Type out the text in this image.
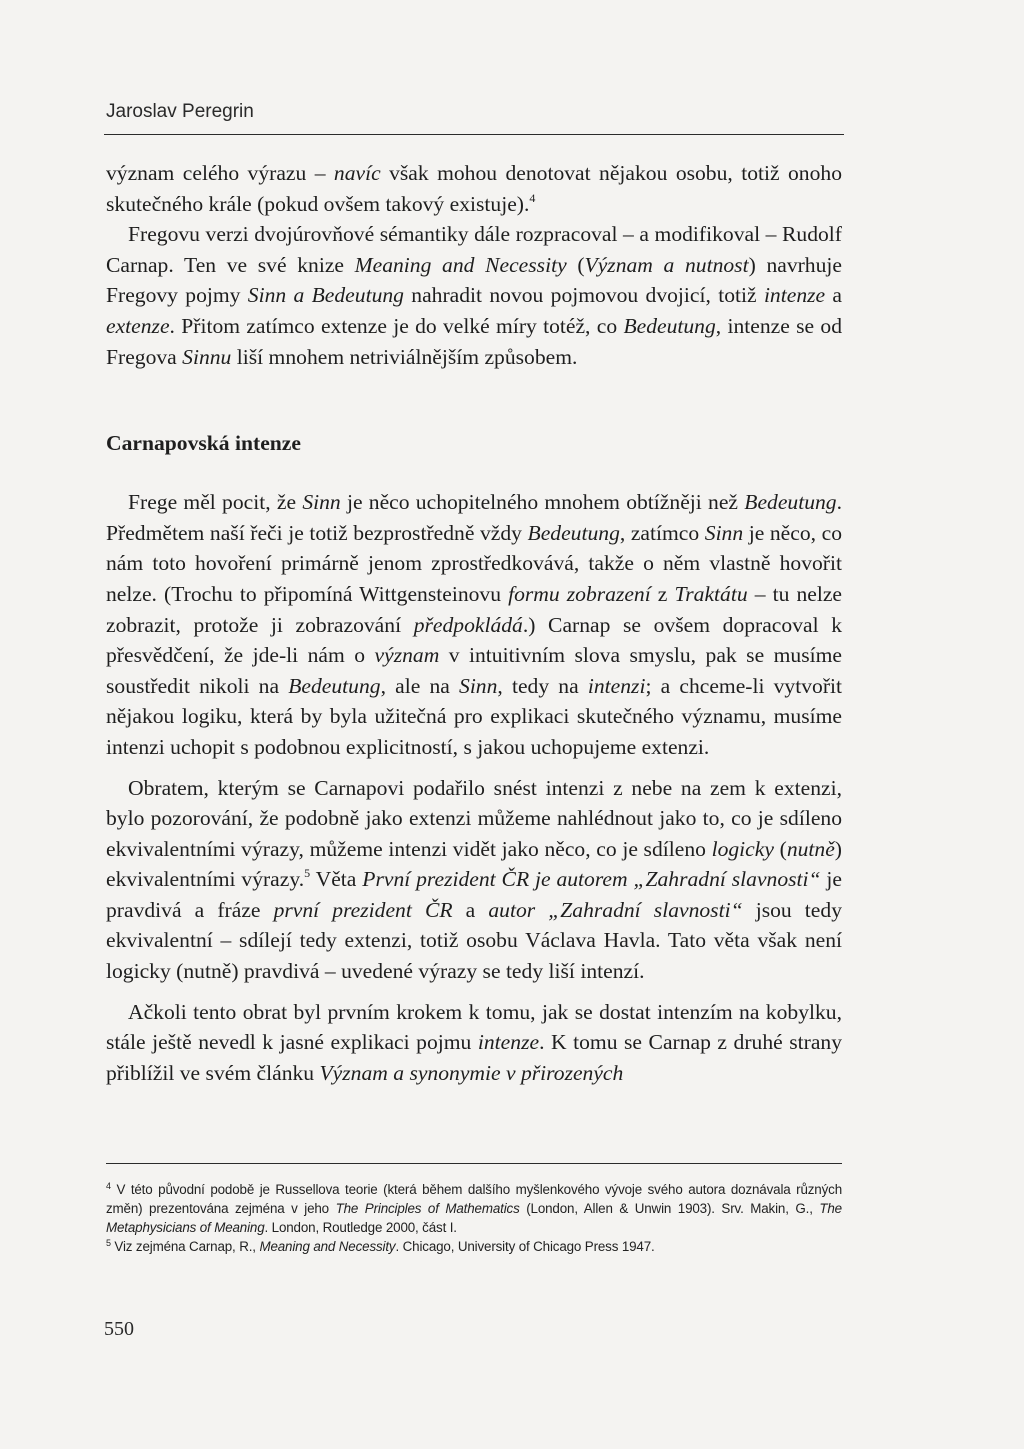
Jaroslav Peregrin

význam celého výrazu – navíc však mohou denotovat nějakou osobu, totiž onoho skutečného krále (pokud ovšem takový existuje).$^4$

Fregovu verzi dvojúrovňové sémantiky dále rozpracoval – a modifikoval – Rudolf Carnap. Ten ve své knize Meaning and Necessity (Význam a nutnost) navrhuje Fregovy pojmy Sinn a Bedeutung nahradit novou pojmovou dvojicí, totiž intenze a extenze. Přitom zatímco extenze je do velké míry totéž, co Bedeutung, intenze se od Fregova Sinnu liší mnohem netriviálnějším způsobem.

Carnapovská intenze

Frege měl pocit, že Sinn je něco uchopitelného mnohem obtížněji než Bedeutung. Předmětem naší řeči je totiž bezprostředně vždy Bedeutung, zatímco Sinn je něco, co nám toto hovoření primárně jenom zprostředkovává, takže o něm vlastně hovořit nelze. (Trochu to připomíná Wittgensteinovu formu zobrazení z Traktátu – tu nelze zobrazit, protože ji zobrazování předpokládá.) Carnap se ovšem dopracoval k přesvědčení, že jde-li nám o význam v intuitivním slova smyslu, pak se musíme soustředit nikoli na Bedeutung, ale na Sinn, tedy na intenzi; a chceme-li vytvořit nějakou logiku, která by byla užitečná pro explikaci skutečného významu, musíme intenzi uchopit s podobnou explicitností, s jakou uchopujeme extenzi.

Obratem, kterým se Carnapovi podařilo snést intenzi z nebe na zem k extenzi, bylo pozorování, že podobně jako extenzi můžeme nahlédnout jako to, co je sdíleno ekvivalentními výrazy, můžeme intenzi vidět jako něco, co je sdíleno logicky (nutně) ekvivalentními výrazy.$^5$ Věta První prezident ČR je autorem „Zahradní slavnosti“ je pravdivá a fráze první prezident ČR a autor „Zahradní slavnosti“ jsou tedy ekvivalentní – sdílejí tedy extenzi, totiž osobu Václava Havla. Tato věta však není logicky (nutně) pravdivá – uvedené výrazy se tedy liší intenzí.

Ačkoli tento obrat byl prvním krokem k tomu, jak se dostat intenzím na kobylku, stále ještě nevedl k jasné explikaci pojmu intenze. K tomu se Carnap z druhé strany přiblížil ve svém článku Význam a synonymie v přirozených

$^4$ V této původní podobě je Russellova teorie (která během dalšího myšlenkového vývoje svého autora doznávala různých změn) prezentována zejména v jeho The Principles of Mathematics (London, Allen & Unwin 1903). Srv. Makin, G., The Metaphysicians of Meaning. London, Routledge 2000, část I.

$^5$ Viz zejména Carnap, R., Meaning and Necessity. Chicago, University of Chicago Press 1947.

550
